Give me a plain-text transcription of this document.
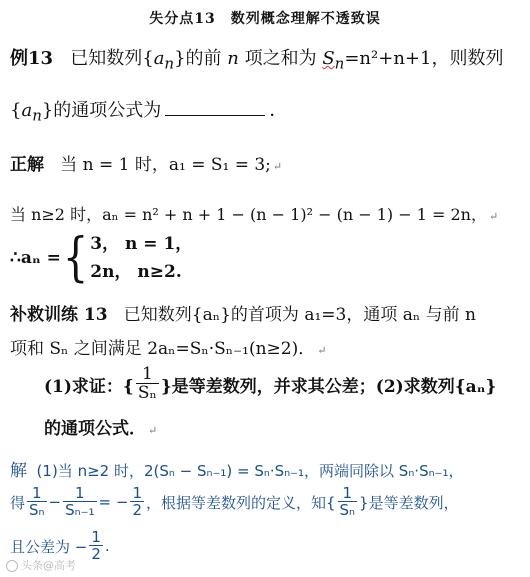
失分点13　数列概念理解不透致误
例13 已知数列$\{a_n\}$的前 n 项之和为 $S_n=n^2+n+1$，则数列
$\{a_n\}$的通项公式为	．
正解 当 n = 1 时，a₁ = S₁ = 3; ↵
当 n≥2 时，aₙ = n² + n + 1 − (n − 1)² − (n − 1) − 1 = 2n， ↵
∴aₙ = { 3， n = 1，
2n， n≥2.
补救训练 13 已知数列{aₙ}的首项为 a₁=3，通项 aₙ 与前 n
项和 Sₙ 之间满足 2aₙ=Sₙ·Sₙ₋₁(n≥2)． ↵
(1)求证：{ $\frac{1}{\text{Sₙ}}$ }是等差数列，并求其公差；(2)求数列{aₙ}
的通项公式． ↵
解 (1)当 n≥2 时，2(Sₙ − Sₙ₋₁) = Sₙ·Sₙ₋₁，两端同除以 Sₙ·Sₙ₋₁，
得 $\frac{1}{\text{Sₙ}} - \frac{1}{\text{Sₙ₋₁}}$ = − $\frac{1}{2}$ ，根据等差数列的定义，知{ $\frac{1}{\text{Sₙ}}$ }是等差数列，
且公差为 − $\frac{1}{2}$ .
头条@高考
